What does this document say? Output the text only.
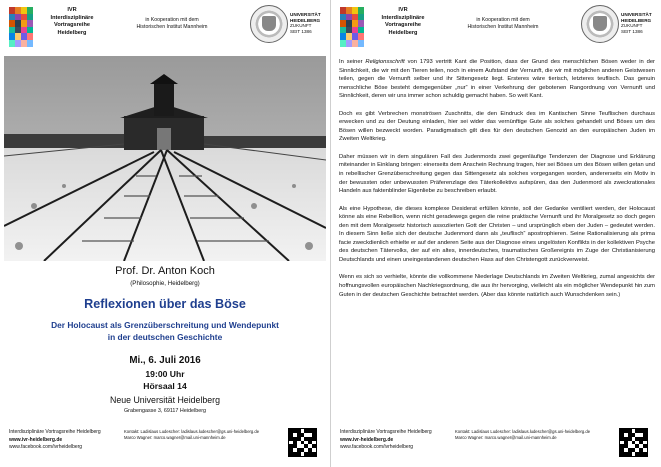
IVR
Interdisziplinäre
Vortragsreihe
Heidelberg
in Kooperation mit dem
Historischen Institut Mannheim
UNIVERSITÄT
HEIDELBERG
ZUKUNFT
SEIT 1386
Prof. Dr. Anton Koch
(Philosophie, Heidelberg)
Reflexionen über das Böse
Der Holocaust als Grenzüberschreitung und Wendepunkt
in der deutschen Geschichte
Mi., 6. Juli 2016
19:00 Uhr
Hörsaal 14
Neue Universität Heidelberg
Grabengasse 3, 69117 Heidelberg
Interdisziplinäre Vortragsreihe Heidelberg
www.ivr-heidelberg.de
www.facebook.com/ivrheidelberg
Kontakt: Ladislaus Ludescher: ladislaus.ludescher@gs.uni-heidelberg.de
Marco Wagner: marco.wagner@mail.uni-mannheim.de
IVR
Interdisziplinäre
Vortragsreihe
Heidelberg
in Kooperation mit dem
Historischen Institut Mannheim
UNIVERSITÄT
HEIDELBERG
ZUKUNFT
SEIT 1386

In seiner Religionsschrift von 1793 vertritt Kant die Position, dass der Grund des menschlichen Bösen weder in der Sinnlichkeit, die wir mit den Tieren teilen, noch in einem Aufstand der Vernunft, die wir mit möglichen anderen Geistwesen teilen, gegen die Vernunft selber und ihr Sittengesetz liegt. Ersteres wäre tierisch, letzteres teuflisch. Das genuin menschliche Böse besteht demgegenüber „nur“ in einer Verkehrung der gebotenen Rangordnung von Vernunft und Sinnlichkeit, deren wir uns immer schon schuldig gemacht haben. So weit Kant.

Doch es gibt Verbrechen monströsen Zuschnitts, die den Eindruck des im Kantischen Sinne Teuflischen durchaus erwecken und zu der Deutung einladen, hier sei wider das vernünftige Gute als solches gehandelt und Böses um des Bösen willen bezweckt worden. Paradigmatisch gilt dies für den deutschen Genozid an den europäischen Juden im Zweiten Weltkrieg.

Daher müssen wir in dem singulären Fall des Judenmords zwei gegenläufige Tendenzen der Diagnose und Erklärung miteinander in Einklang bringen: einerseits dem Anschein Rechnung tragen, hier sei Böses um des Bösen willen getan und in rebellischer Grenzüberschreitung gegen das Sittengesetz als solches vorgegangen worden, andererseits ein Motiv in der bewussten oder unbewussten Präferenzlage des Täterkollektivs aufspüren, das den Judenmord als zweckrationales Handeln aus faktenblinder Eigenliebe zu beschreiben erlaubt.

Als eine Hypothese, die dieses komplexe Desiderat erfüllen könnte, soll der Gedanke ventiliert werden, der Holocaust könne als eine Rebellion, wenn nicht geradewegs gegen die reine praktische Vernunft und ihr Moralgesetz so doch gegen den mit dem Moralgesetz historisch assoziierten Gott der Christen – und ursprünglich eben der Juden – gedeutet werden. In diesem Sinn ließe sich der deutsche Judenmord dann als „teuflisch“ apostrophieren. Seine Rationalisierung als prima facie zweckdienlich erhielte er auf der anderen Seite aus der Diagnose eines ungelösten Konflikts in der kollektiven Psyche des deutschen Tätervolks, der auf ein altes, innerdeutsches, traumatisches Großereignis im Zuge der Christianisierung Deutschlands und einen uneingestandenen deutschen Hass auf den Christengott zurückverweist.

Wenn es sich so verhielte, könnte die vollkommene Niederlage Deutschlands im Zweiten Weltkrieg, zumal angesichts der hoffnungsvollen europäischen Nachkriegsordnung, die aus ihr hervorging, vielleicht als ein möglicher Wendepunkt hin zum Guten in der deutschen Geschichte betrachtet werden. (Aber das könnte natürlich auch Wunschdenken sein.)

Interdisziplinäre Vortragsreihe Heidelberg
www.ivr-heidelberg.de
www.facebook.com/ivrheidelberg
Kontakt: Ladislaus Ludescher: ladislaus.ludescher@gs.uni-heidelberg.de
Marco Wagner: marco.wagner@mail.uni-mannheim.de
